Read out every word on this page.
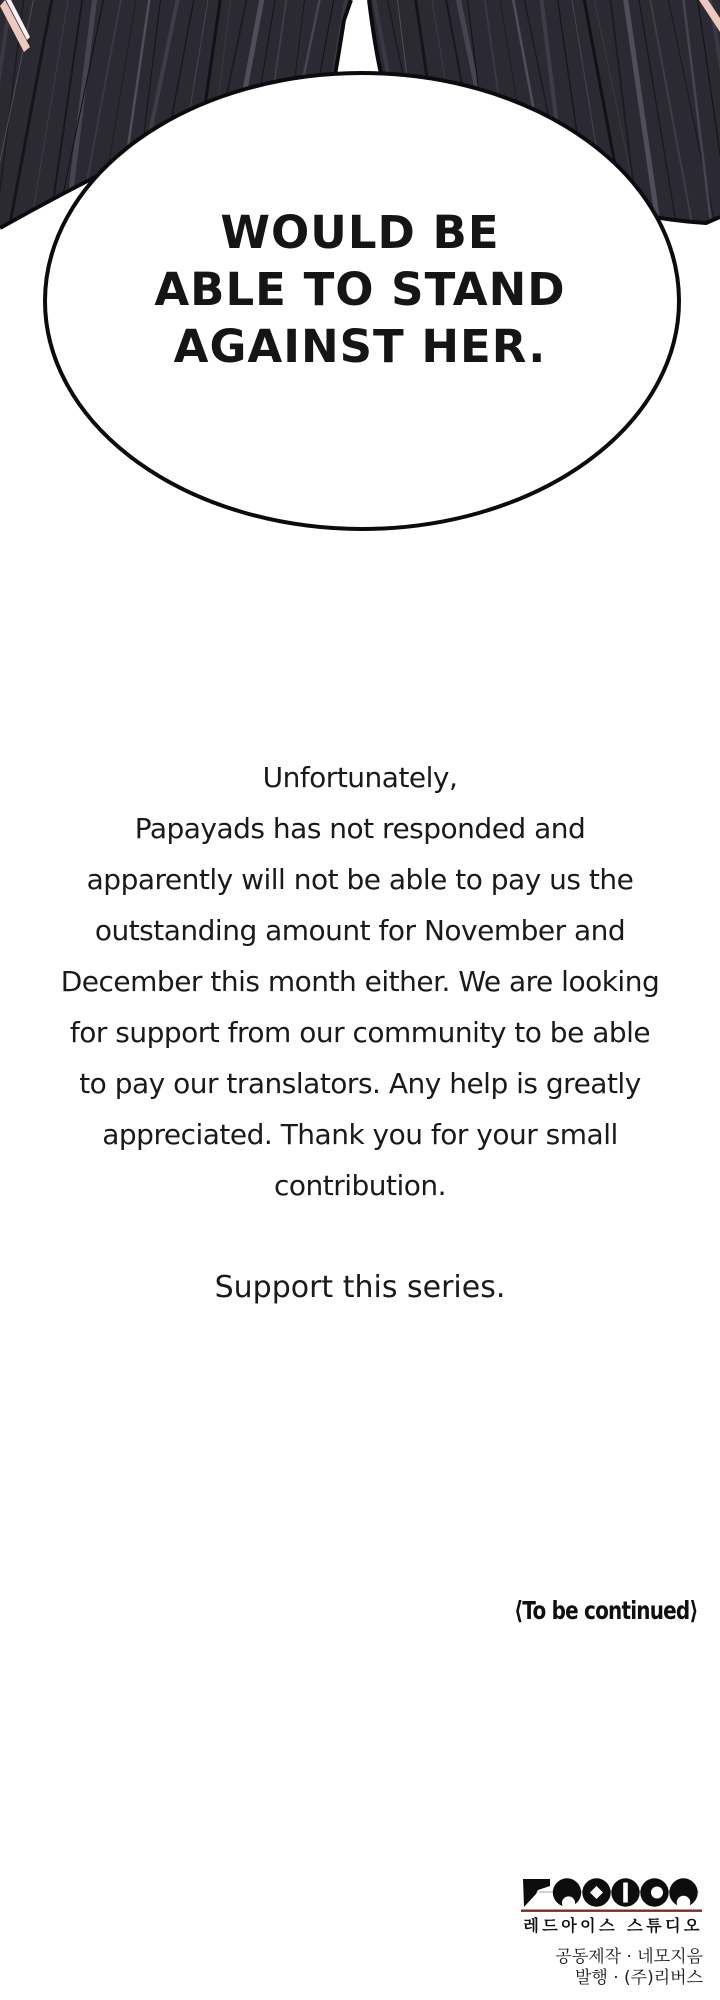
WOULD BE
ABLE TO STAND
AGAINST HER.
Unfortunately,
Papayads has not responded and
apparently will not be able to pay us the
outstanding amount for November and
December this month either. We are looking
for support from our community to be able
to pay our translators. Any help is greatly
appreciated. Thank you for your small
contribution.
Support this series.
⟨To be continued⟩
레드아이스 스튜디오
공동제작 · 네모지음
발행 · (주)리버스
